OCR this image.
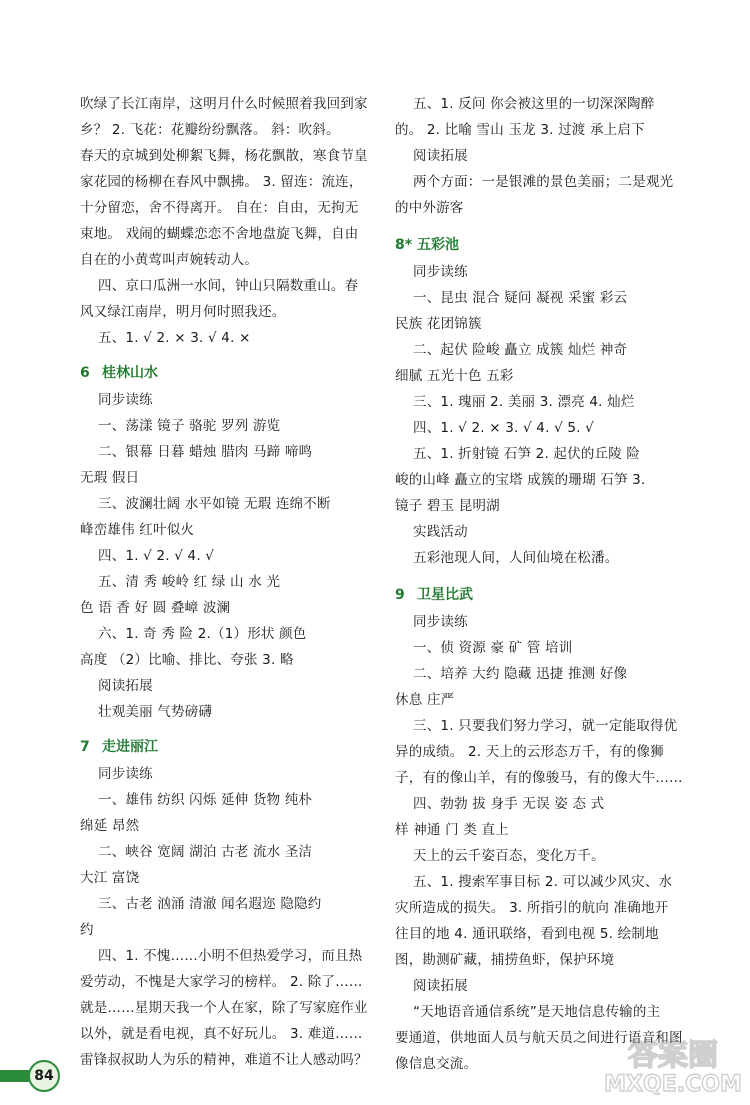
吹绿了长江南岸，这明月什么时候照着我回到家
乡？ 2. 飞花：花瓣纷纷飘落。 斜：吹斜。
春天的京城到处柳絮飞舞，杨花飘散，寒食节皇
家花园的杨柳在春风中飘拂。 3. 留连：流连，
十分留恋，舍不得离开。 自在：自由，无拘无
束地。 戏闹的蝴蝶恋恋不舍地盘旋飞舞，自由
自在的小黄莺叫声婉转动人。
四、京口瓜洲一水间，钟山只隔数重山。春
风又绿江南岸，明月何时照我还。
五、1. √ 2. × 3. √ 4. ×
6 桂林山水
同步读练
一、荡漾 镜子 骆驼 罗列 游览
二、银幕 日暮 蜡烛 腊肉 马蹄 啼鸣
无瑕 假日
三、波澜壮阔 水平如镜 无瑕 连绵不断
峰峦雄伟 红叶似火
四、1. √ 2. √ 4. √
五、清 秀 峻岭 红 绿 山 水 光
色 语 香 好 圆 叠嶂 波澜
六、1. 奇 秀 险 2.（1）形状 颜色
高度 （2）比喻、排比、夸张 3. 略
阅读拓展
壮观美丽 气势磅礴
7 走进丽江
同步读练
一、雄伟 纺织 闪烁 延伸 货物 纯朴
绵延 昂然
二、峡谷 宽阔 湖泊 古老 流水 圣洁
大江 富饶
三、古老 汹涌 清澈 闻名遐迩 隐隐约
约
四、1. 不愧……小明不但热爱学习，而且热
爱劳动，不愧是大家学习的榜样。 2. 除了……
就是……星期天我一个人在家，除了写家庭作业
以外，就是看电视，真不好玩儿。 3. 难道……
雷锋叔叔助人为乐的精神，难道不让人感动吗？
五、1. 反问 你会被这里的一切深深陶醉
的。 2. 比喻 雪山 玉龙 3. 过渡 承上启下
阅读拓展
两个方面：一是银滩的景色美丽；二是观光
的中外游客
8* 五彩池
同步读练
一、昆虫 混合 疑问 凝视 采蜜 彩云
民族 花团锦簇
二、起伏 险峻 矗立 成簇 灿烂 神奇
细腻 五光十色 五彩
三、1. 瑰丽 2. 美丽 3. 漂亮 4. 灿烂
四、1. √ 2. × 3. √ 4. √ 5. √
五、1. 折射镜 石笋 2. 起伏的丘陵 险
峻的山峰 矗立的宝塔 成簇的珊瑚 石笋 3.
镜子 碧玉 昆明湖
实践活动
五彩池现人间，人间仙境在松潘。
9 卫星比武
同步读练
一、侦 资源 豪 矿 管 培训
二、培养 大约 隐藏 迅捷 推测 好像
休息 庄严
三、1. 只要我们努力学习，就一定能取得优
异的成绩。 2. 天上的云形态万千，有的像狮
子，有的像山羊，有的像骏马，有的像大牛……
四、勃勃 拔 身手 无误 姿 态 式
样 神通 门 类 直上
天上的云千姿百态，变化万千。
五、1. 搜索军事目标 2. 可以减少风灾、水
灾所造成的损失。 3. 所指引的航向 准确地开
往目的地 4. 通讯联络，看到电视 5. 绘制地
图，勘测矿藏，捕捞鱼虾，保护环境
阅读拓展
“天地语音通信系统”是天地信息传输的主
要通道，供地面人员与航天员之间进行语音和图
像信息交流。
84
答案圈
MXQE.COM
